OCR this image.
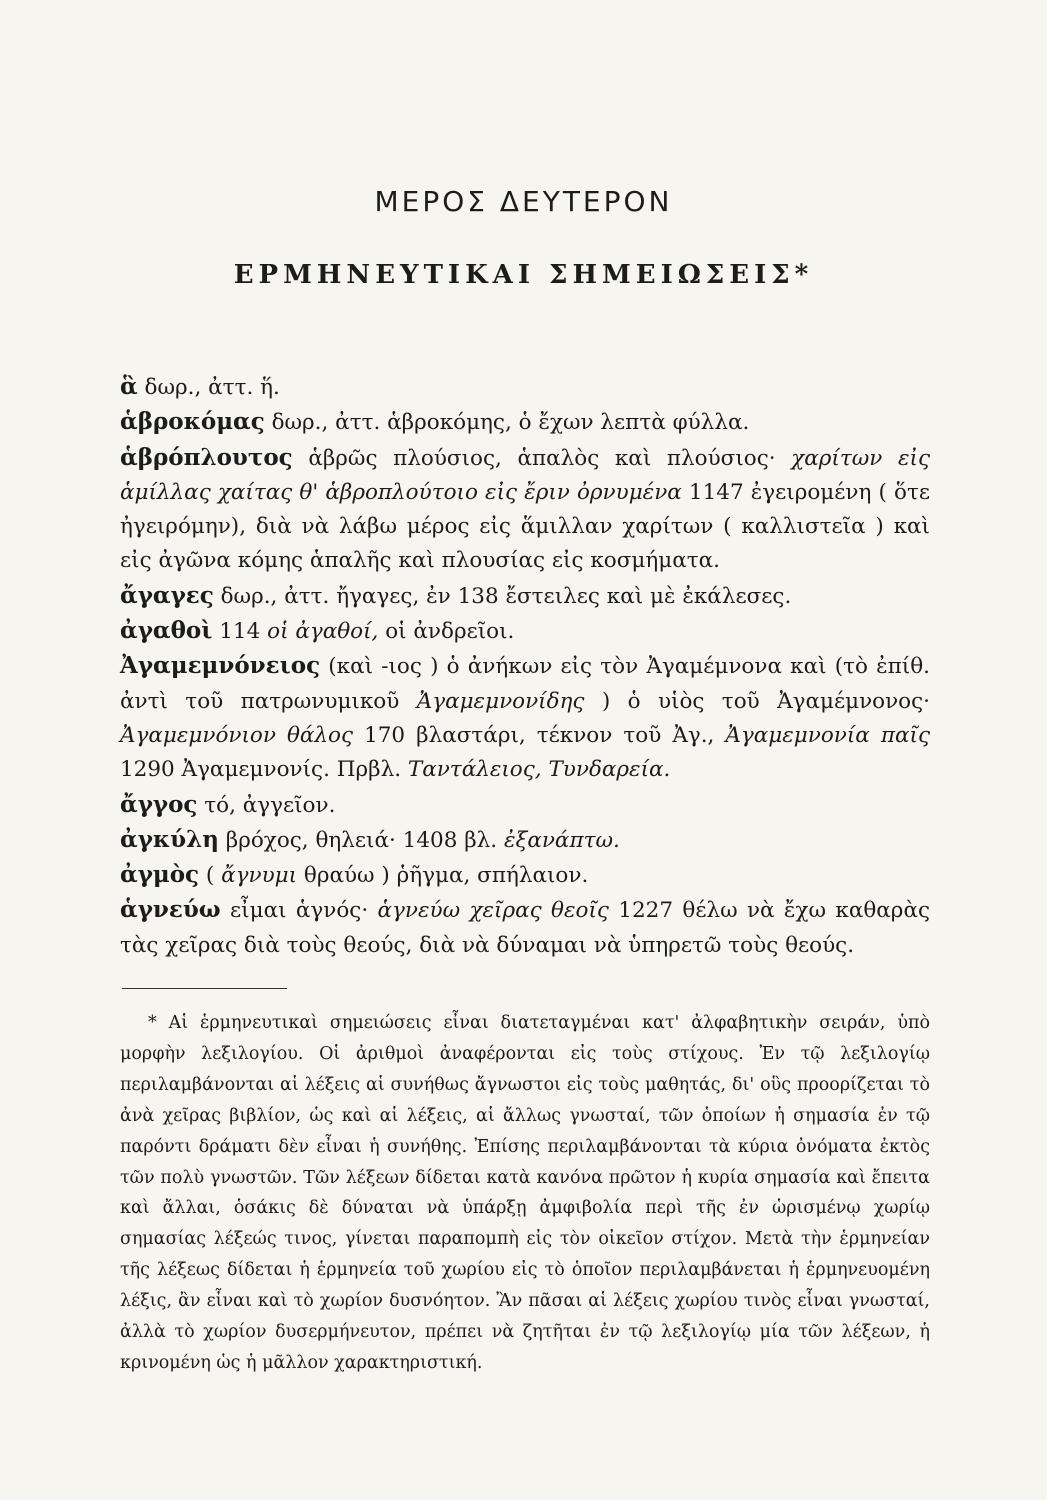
ΜΕΡΟΣ ΔΕΥΤΕΡΟΝ
ΕΡΜΗΝΕΥΤΙΚΑΙ ΣΗΜΕΙΩΣΕΙΣ*

ἃ δωρ., ἀττ. ἥ.

ἁβροκόμας δωρ., ἀττ. ἁβροκόμης, ὁ ἔχων λεπτὰ φύλλα.

ἁβρόπλουτος ἁβρῶς πλούσιος, ἁπαλὸς καὶ πλούσιος· χαρίτων εἰς ἁμίλλας χαίτας θ' ἁβροπλούτοιο εἰς ἔριν ὀρνυμένα 1147 ἐγειρομένη ( ὅτε ἠγειρόμην), διὰ νὰ λάβω μέρος εἰς ἅμιλλαν χαρίτων ( καλλιστεῖα ) καὶ εἰς ἀγῶνα κόμης ἁπαλῆς καὶ πλουσίας εἰς κοσμήματα.

ἄγαγες δωρ., ἀττ. ἤγαγες, ἐν 138 ἔστειλες καὶ μὲ ἐκάλεσες.

ἀγαθοὶ 114 οἱ ἀγαθοί, οἱ ἀνδρεῖοι.

Ἀγαμεμνόνειος (καὶ -ιος ) ὁ ἀνήκων εἰς τὸν Ἀγαμέμνονα καὶ (τὸ ἐπίθ. ἀντὶ τοῦ πατρωνυμικοῦ Ἀγαμεμνονίδης ) ὁ υἱὸς τοῦ Ἀγαμέμνονος· Ἀγαμεμνόνιον θάλος 170 βλαστάρι, τέκνον τοῦ Ἀγ., Ἀγαμεμνονία παῖς 1290 Ἀγαμεμνονίς. Πρβλ. Ταντάλειος, Τυνδαρεία.

ἄγγος τό, ἀγγεῖον.

ἀγκύλη βρόχος, θηλειά· 1408 βλ. ἐξανάπτω.

ἀγμὸς ( ἄγνυμι θραύω ) ῥῆγμα, σπήλαιον.

ἁγνεύω εἶμαι ἁγνός· ἁγνεύω χεῖρας θεοῖς 1227 θέλω νὰ ἔχω καθαρὰς τὰς χεῖρας διὰ τοὺς θεούς, διὰ νὰ δύναμαι νὰ ὑπηρετῶ τοὺς θεούς.

* Αἱ ἑρμηνευτικαὶ σημειώσεις εἶναι διατεταγμέναι κατ' ἀλφαβητικὴν σειράν, ὑπὸ μορφὴν λεξιλογίου. Οἱ ἀριθμοὶ ἀναφέρονται εἰς τοὺς στίχους. Ἐν τῷ λεξιλογίῳ περιλαμβάνονται αἱ λέξεις αἱ συνήθως ἄγνωστοι εἰς τοὺς μαθητάς, δι' οὓς προορίζεται τὸ ἀνὰ χεῖρας βιβλίον, ὡς καὶ αἱ λέξεις, αἱ ἄλλως γνωσταί, τῶν ὁποίων ἡ σημασία ἐν τῷ παρόντι δράματι δὲν εἶναι ἡ συνήθης. Ἐπίσης περιλαμβάνονται τὰ κύρια ὀνόματα ἐκτὸς τῶν πολὺ γνωστῶν. Τῶν λέξεων δίδεται κατὰ κανόνα πρῶτον ἡ κυρία σημασία καὶ ἔπειτα καὶ ἄλλαι, ὁσάκις δὲ δύναται νὰ ὑπάρξῃ ἀμφιβολία περὶ τῆς ἐν ὡρισμένῳ χωρίῳ σημασίας λέξεώς τινος, γίνεται παραπομπὴ εἰς τὸν οἰκεῖον στίχον. Μετὰ τὴν ἑρμηνείαν τῆς λέξεως δίδεται ἡ ἑρμηνεία τοῦ χωρίου εἰς τὸ ὁποῖον περιλαμβάνεται ἡ ἑρμηνευομένη λέξις, ἂν εἶναι καὶ τὸ χωρίον δυσνόητον. Ἂν πᾶσαι αἱ λέξεις χωρίου τινὸς εἶναι γνωσταί, ἀλλὰ τὸ χωρίον δυσερμήνευτον, πρέπει νὰ ζητῆται ἐν τῷ λεξιλογίῳ μία τῶν λέξεων, ἡ κρινομένη ὡς ἡ μᾶλλον χαρακτηριστική.
